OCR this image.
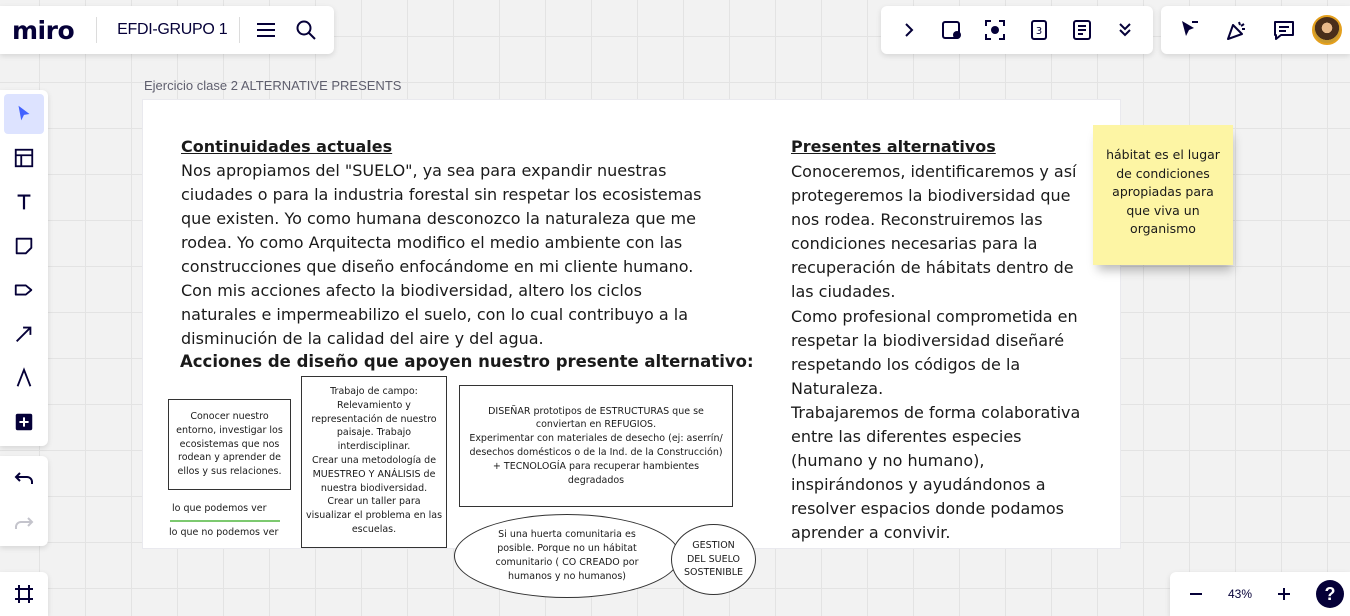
miro	EFDI-GRUPO 1	3
43%	?
Ejercicio clase 2 ALTERNATIVE PRESENTS
Continuidades actuales
Nos apropiamos del "SUELO", ya sea para expandir nuestras ciudades o para la industria forestal sin respetar los ecosistemas que existen. Yo como humana desconozco la naturaleza que me rodea. Yo como Arquitecta modifico el medio ambiente con las construcciones que diseño enfocándome en mi cliente humano. Con mis acciones afecto la biodiversidad, altero los ciclos naturales e impermeabilizo el suelo, con lo cual contribuyo a la disminución de la calidad del aire y del agua.
Acciones de diseño que apoyen nuestro presente alternativo:
Presentes alternativos
Conoceremos, identificaremos y así protegeremos la biodiversidad que nos rodea. Reconstruiremos las condiciones necesarias para la recuperación de hábitats dentro de las ciudades.
Como profesional comprometida en respetar la biodiversidad diseñaré respetando los códigos de la Naturaleza.
Trabajaremos de forma colaborativa entre las diferentes especies (humano y no humano), inspirándonos y ayudándonos a resolver espacios donde podamos aprender a convivir.
Conocer nuestro entorno, investigar los ecosistemas que nos rodean y aprender de ellos y sus relaciones.
Trabajo de campo: Relevamiento y representación de nuestro paisaje. Trabajo interdisciplinar.
Crear una metodología de MUESTREO Y ANÁLISIS de nuestra biodiversidad.
Crear un taller para visualizar el problema en las escuelas.
DISEÑAR prototipos de ESTRUCTURAS que se conviertan en REFUGIOS.
Experimentar con materiales de desecho (ej: aserrín/ desechos domésticos o de la Ind. de la Construcción) + TECNOLOGÍA para recuperar hambientes degradados
Si una huerta comunitaria es posible. Porque no un hábitat comunitario ( CO CREADO por humanos y no humanos)
GESTION DEL SUELO SOSTENIBLE
lo que podemos ver
lo que no podemos ver
hábitat es el lugar de condiciones apropiadas para que viva un organismo
